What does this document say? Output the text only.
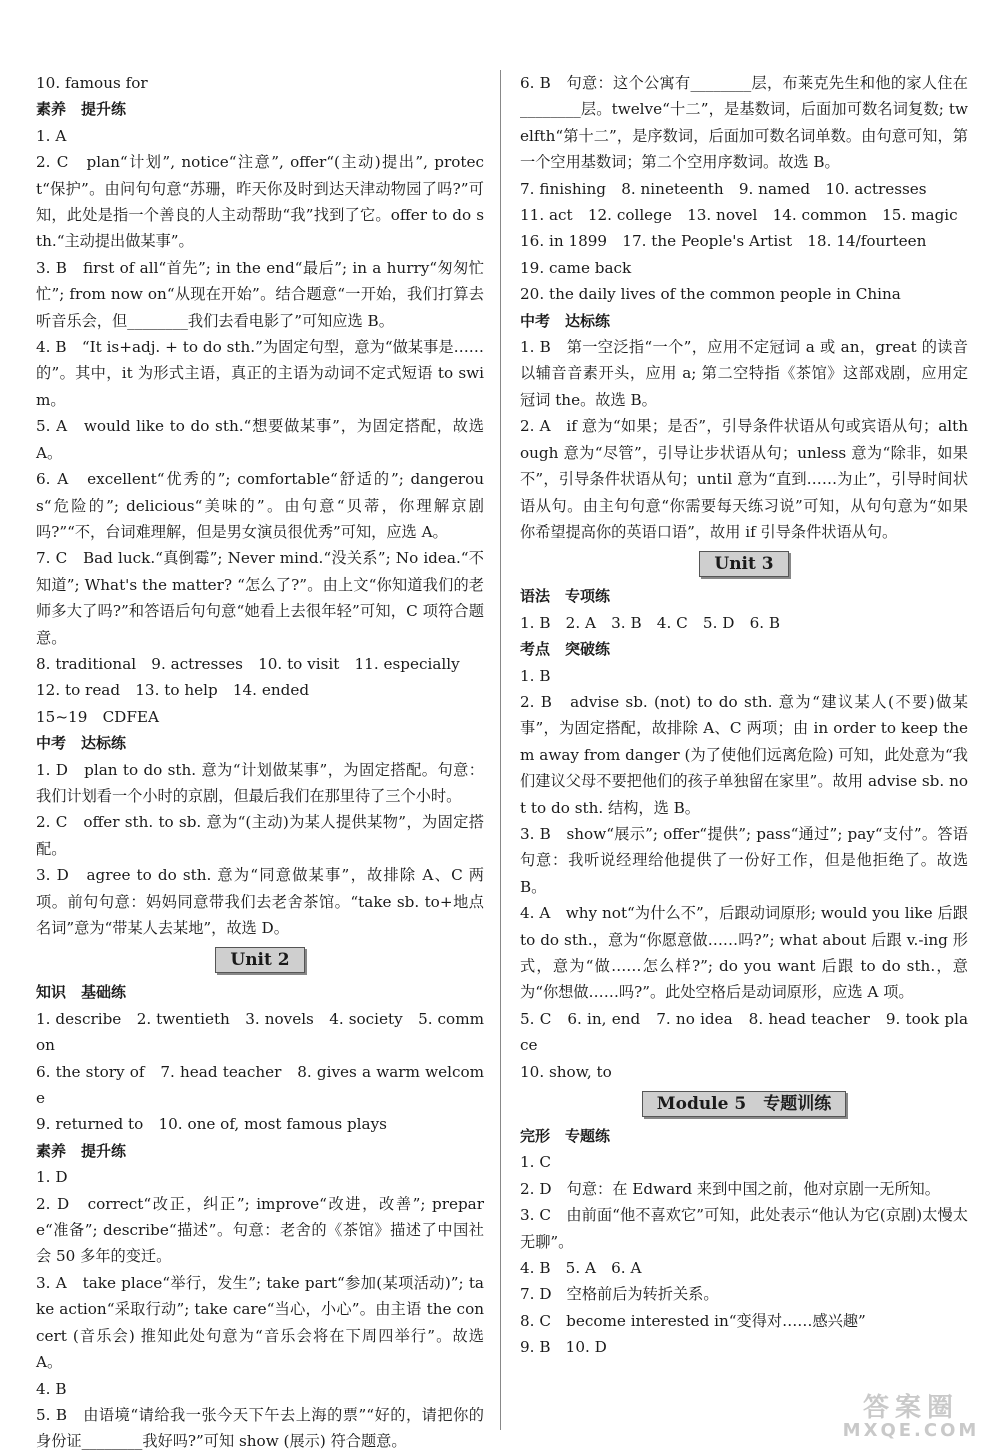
10. famous for

素养　提升练

1. A

2. C　plan“计划”, notice“注意”, offer“(主动)提出”, protect“保护”。由问句句意“苏珊，昨天你及时到达天津动物园了吗?”可知，此处是指一个善良的人主动帮助“我”找到了它。offer to do sth.“主动提出做某事”。

3. B　first of all“首先”; in the end“最后”; in a hurry“匆匆忙忙”; from now on“从现在开始”。结合题意“一开始，我们打算去听音乐会，但________我们去看电影了”可知应选 B。

4. B　“It is+adj. + to do sth.”为固定句型，意为“做某事是……的”。其中，it 为形式主语，真正的主语为动词不定式短语 to swim。

5. A　would like to do sth.“想要做某事”，为固定搭配，故选 A。

6. A　excellent“优秀的”; comfortable“舒适的”; dangerous“危险的”; delicious“美味的”。由句意“贝蒂，你理解京剧吗?”“不，台词难理解，但是男女演员很优秀”可知，应选 A。

7. C　Bad luck.“真倒霉”; Never mind.“没关系”; No idea.“不知道”; What's the matter? “怎么了?”。由上文“你知道我们的老师多大了吗?”和答语后句句意“她看上去很年轻”可知，C 项符合题意。

8. traditional　9. actresses　10. to visit　11. especially

12. to read　13. to help　14. ended

15~19　CDFEA

中考　达标练

1. D　plan to do sth. 意为“计划做某事”，为固定搭配。句意：我们计划看一个小时的京剧，但最后我们在那里待了三个小时。

2. C　offer sth. to sb. 意为“(主动)为某人提供某物”，为固定搭配。

3. D　agree to do sth. 意为“同意做某事”，故排除 A、C 两项。前句句意：妈妈同意带我们去老舍茶馆。“take sb. to+地点名词”意为“带某人去某地”，故选 D。

Unit 2

知识　基础练

1. describe　2. twentieth　3. novels　4. society　5. common

6. the story of　7. head teacher　8. gives a warm welcome

9. returned to　10. one of, most famous plays

素养　提升练

1. D

2. D　correct“改正，纠正”; improve“改进，改善”; prepare“准备”; describe“描述”。句意：老舍的《茶馆》描述了中国社会 50 多年的变迁。

3. A　take place“举行，发生”; take part“参加(某项活动)”; take action“采取行动”; take care“当心，小心”。由主语 the concert (音乐会) 推知此处句意为“音乐会将在下周四举行”。故选 A。

4. B

5. B　由语境“请给我一张今天下午去上海的票”“好的，请把你的身份证________我好吗?”可知 show (展示) 符合题意。

6. B　句意：这个公寓有________层，布莱克先生和他的家人住在________层。twelve“十二”，是基数词，后面加可数名词复数; twelfth“第十二”，是序数词，后面加可数名词单数。由句意可知，第一个空用基数词；第二个空用序数词。故选 B。

7. finishing　8. nineteenth　9. named　10. actresses

11. act　12. college　13. novel　14. common　15. magic

16. in 1899　17. the People's Artist　18. 14/fourteen

19. came back

20. the daily lives of the common people in China

中考　达标练

1. B　第一空泛指“一个”，应用不定冠词 a 或 an，great 的读音以辅音音素开头，应用 a; 第二空特指《茶馆》这部戏剧，应用定冠词 the。故选 B。

2. A　if 意为“如果；是否”，引导条件状语从句或宾语从句；although 意为“尽管”，引导让步状语从句；unless 意为“除非，如果不”，引导条件状语从句；until 意为“直到……为止”，引导时间状语从句。由主句句意“你需要每天练习说”可知，从句句意为“如果你希望提高你的英语口语”，故用 if 引导条件状语从句。

Unit 3

语法　专项练

1. B　2. A　3. B　4. C　5. D　6. B

考点　突破练

1. B

2. B　advise sb. (not) to do sth. 意为“建议某人(不要)做某事”，为固定搭配，故排除 A、C 两项；由 in order to keep them away from danger (为了使他们远离危险) 可知，此处意为“我们建议父母不要把他们的孩子单独留在家里”。故用 advise sb. not to do sth. 结构，选 B。

3. B　show“展示”; offer“提供”; pass“通过”; pay“支付”。答语句意：我听说经理给他提供了一份好工作，但是他拒绝了。故选 B。

4. A　why not“为什么不”，后跟动词原形; would you like 后跟 to do sth.，意为“你愿意做……吗?”; what about 后跟 v.-ing 形式，意为“做……怎么样?”; do you want 后跟 to do sth.，意为“你想做……吗?”。此处空格后是动词原形，应选 A 项。

5. C　6. in, end　7. no idea　8. head teacher　9. took place

10. show, to

Module 5　专题训练

完形　专题练

1. C

2. D　句意：在 Edward 来到中国之前，他对京剧一无所知。

3. C　由前面“他不喜欢它”可知，此处表示“他认为它(京剧)太慢太无聊”。

4. B　5. A　6. A

7. D　空格前后为转折关系。

8. C　become interested in“变得对……感兴趣”

9. B　10. D

答案圈
MXQE.COM
